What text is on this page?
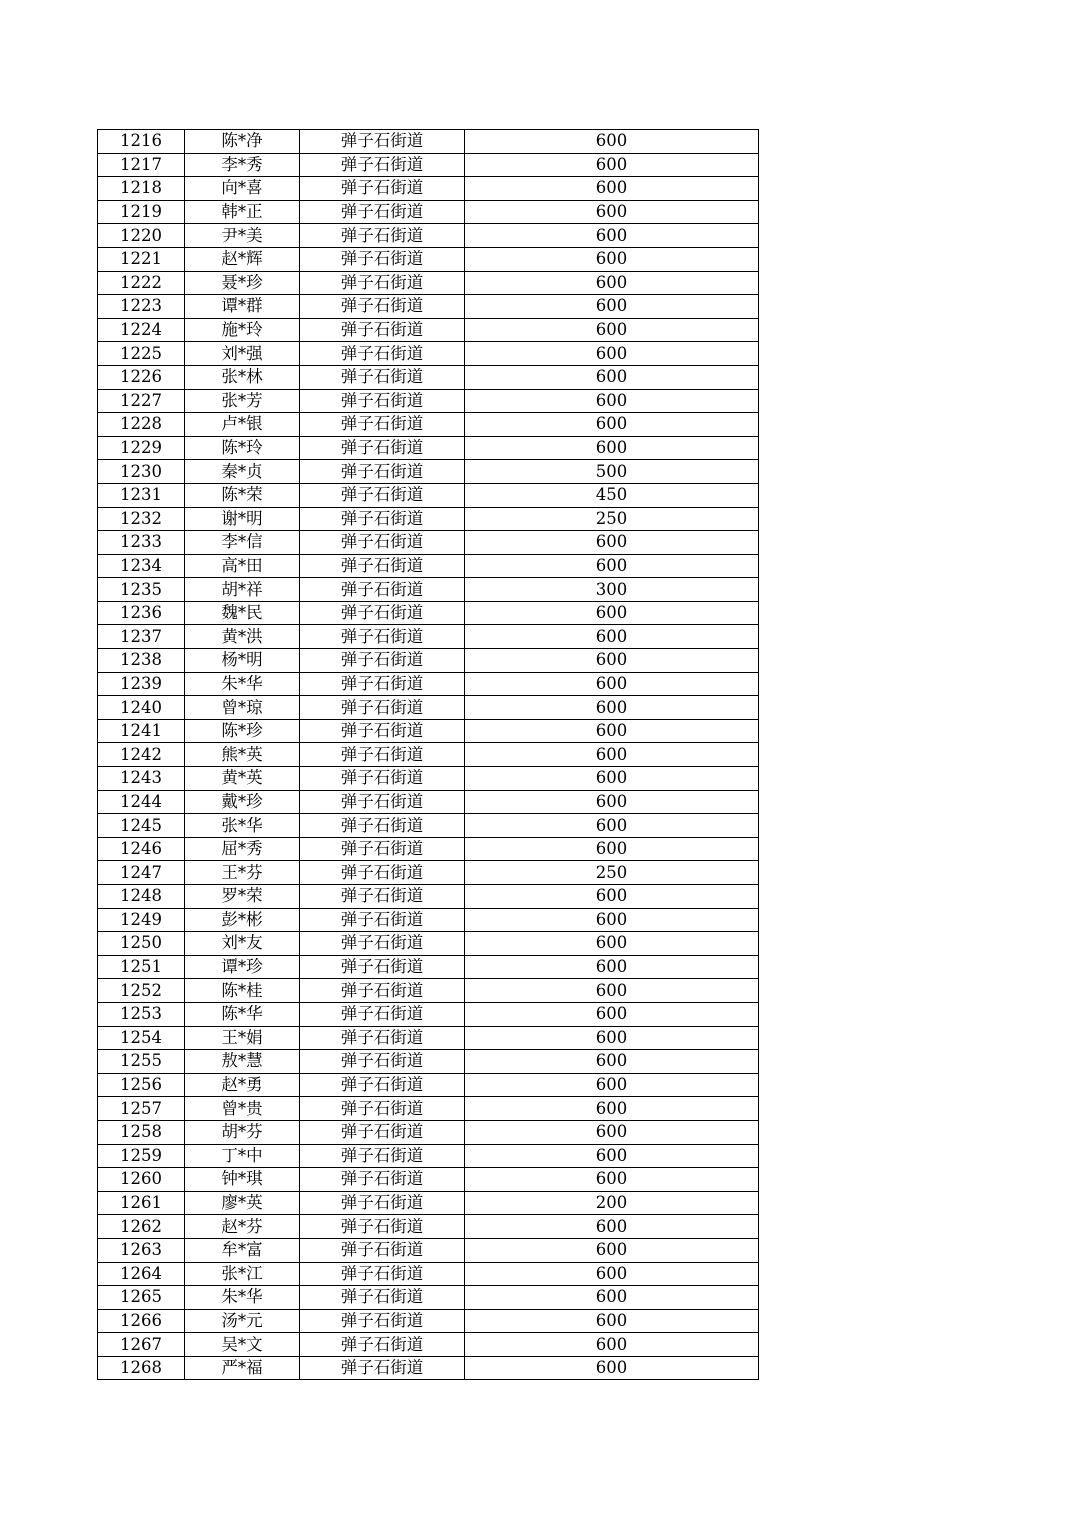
1216	陈*净	弹子石街道	600
1217	李*秀	弹子石街道	600
1218	向*喜	弹子石街道	600
1219	韩*正	弹子石街道	600
1220	尹*美	弹子石街道	600
1221	赵*辉	弹子石街道	600
1222	聂*珍	弹子石街道	600
1223	谭*群	弹子石街道	600
1224	施*玲	弹子石街道	600
1225	刘*强	弹子石街道	600
1226	张*林	弹子石街道	600
1227	张*芳	弹子石街道	600
1228	卢*银	弹子石街道	600
1229	陈*玲	弹子石街道	600
1230	秦*贞	弹子石街道	500
1231	陈*荣	弹子石街道	450
1232	谢*明	弹子石街道	250
1233	李*信	弹子石街道	600
1234	高*田	弹子石街道	600
1235	胡*祥	弹子石街道	300
1236	魏*民	弹子石街道	600
1237	黄*洪	弹子石街道	600
1238	杨*明	弹子石街道	600
1239	朱*华	弹子石街道	600
1240	曾*琼	弹子石街道	600
1241	陈*珍	弹子石街道	600
1242	熊*英	弹子石街道	600
1243	黄*英	弹子石街道	600
1244	戴*珍	弹子石街道	600
1245	张*华	弹子石街道	600
1246	屈*秀	弹子石街道	600
1247	王*芬	弹子石街道	250
1248	罗*荣	弹子石街道	600
1249	彭*彬	弹子石街道	600
1250	刘*友	弹子石街道	600
1251	谭*珍	弹子石街道	600
1252	陈*桂	弹子石街道	600
1253	陈*华	弹子石街道	600
1254	王*娟	弹子石街道	600
1255	敖*慧	弹子石街道	600
1256	赵*勇	弹子石街道	600
1257	曾*贵	弹子石街道	600
1258	胡*芬	弹子石街道	600
1259	丁*中	弹子石街道	600
1260	钟*琪	弹子石街道	600
1261	廖*英	弹子石街道	200
1262	赵*芬	弹子石街道	600
1263	牟*富	弹子石街道	600
1264	张*江	弹子石街道	600
1265	朱*华	弹子石街道	600
1266	汤*元	弹子石街道	600
1267	吴*文	弹子石街道	600
1268	严*福	弹子石街道	600
